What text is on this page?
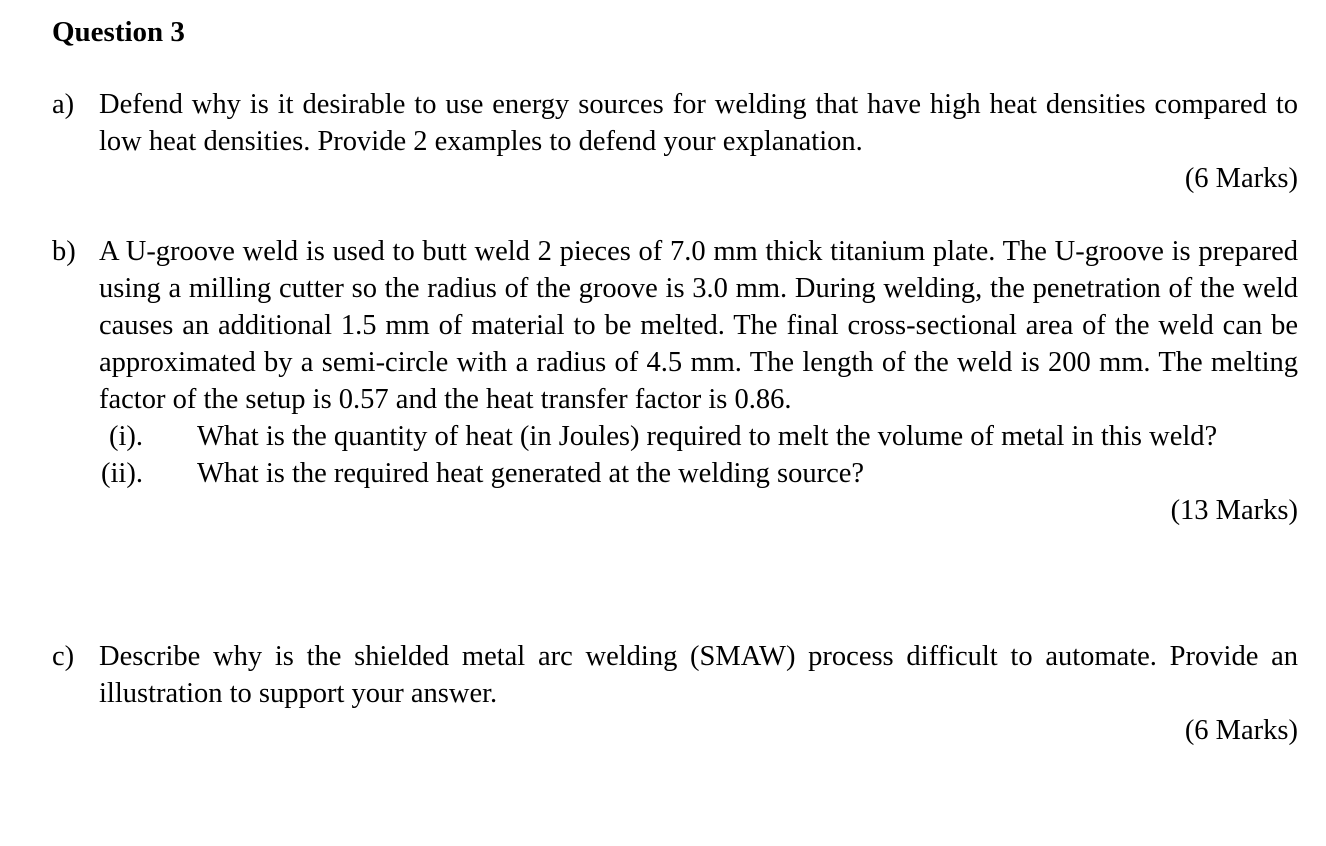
Question 3
a) Defend why is it desirable to use energy sources for welding that have high heat densities compared to low heat densities. Provide 2 examples to defend your explanation.
(6 Marks)
b) A U-groove weld is used to butt weld 2 pieces of 7.0 mm thick titanium plate. The U-groove is prepared using a milling cutter so the radius of the groove is 3.0 mm. During welding, the penetration of the weld causes an additional 1.5 mm of material to be melted. The final cross-sectional area of the weld can be approximated by a semi-circle with a radius of 4.5 mm. The length of the weld is 200 mm. The melting factor of the setup is 0.57 and the heat transfer factor is 0.86.
(i). What is the quantity of heat (in Joules) required to melt the volume of metal in this weld?
(ii). What is the required heat generated at the welding source?
(13 Marks)
c) Describe why is the shielded metal arc welding (SMAW) process difficult to automate. Provide an illustration to support your answer.
(6 Marks)
